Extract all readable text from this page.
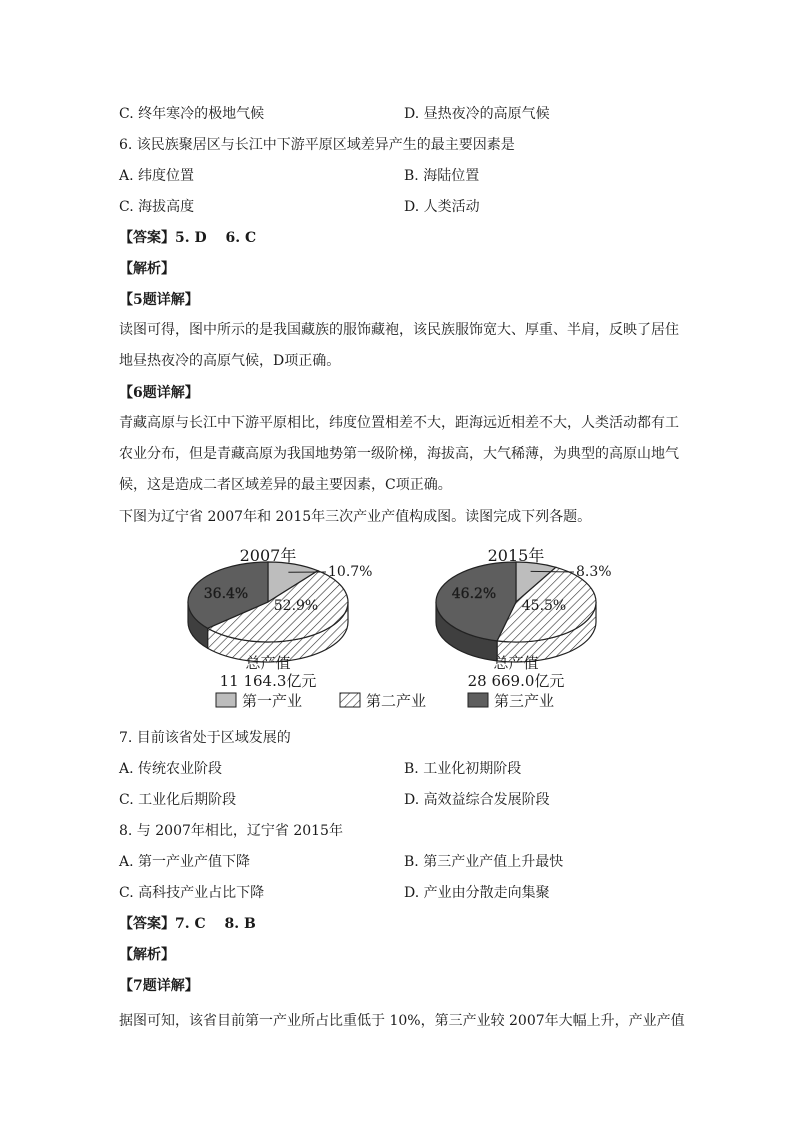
C. 终年寒冷的极地气候	D. 昼热夜冷的高原气候
6. 该民族聚居区与长江中下游平原区域差异产生的最主要因素是
A. 纬度位置	B. 海陆位置
C. 海拔高度	D. 人类活动
【答案】5. D　 6. C
【解析】
【5题详解】
读图可得，图中所示的是我国藏族的服饰藏袍，该民族服饰宽大、厚重、半肩，反映了居住地昼热夜冷的高原气候，D项正确。
【6题详解】
青藏高原与长江中下游平原相比，纬度位置相差不大，距海远近相差不大，人类活动都有工农业分布，但是青藏高原为我国地势第一级阶梯，海拔高，大气稀薄，为典型的高原山地气候，这是造成二者区域差异的最主要因素，C项正确。
下图为辽宁省 2007年和 2015年三次产业产值构成图。读图完成下列各题。
2007年
10.7%
52.9%
36.4%
总产值
11 164.3亿元
2015年
8.3%
45.5%
46.2%
总产值
28 669.0亿元
第一产业	第二产业	第三产业
7. 目前该省处于区域发展的
A. 传统农业阶段	B. 工业化初期阶段
C. 工业化后期阶段	D. 高效益综合发展阶段
8. 与 2007年相比，辽宁省 2015年
A. 第一产业产值下降	B. 第三产业产值上升最快
C. 高科技产业占比下降	D. 产业由分散走向集聚
【答案】7. C　 8. B
【解析】
【7题详解】
据图可知，该省目前第一产业所占比重低于 10%，第三产业较 2007年大幅上升，产业产值
